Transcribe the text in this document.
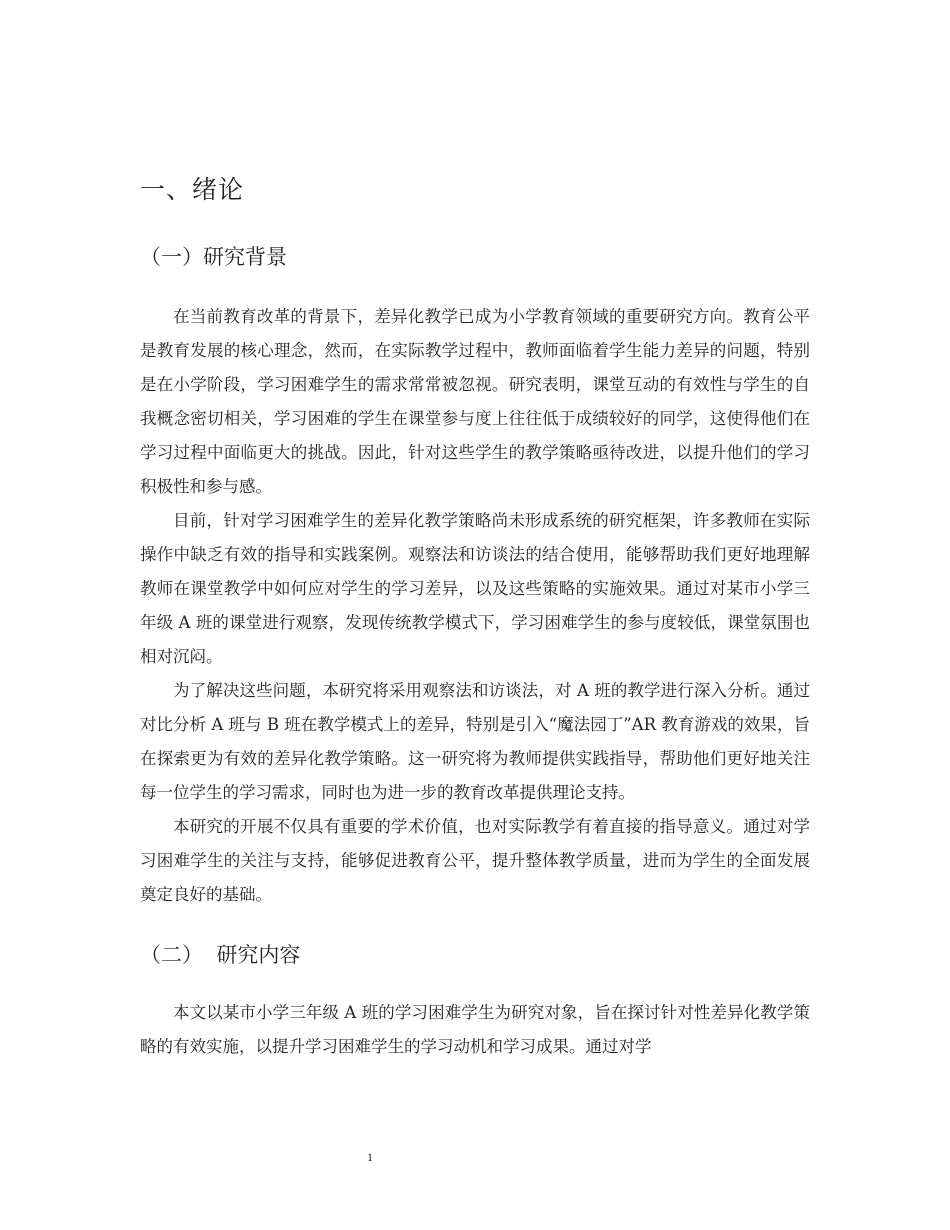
一、绪论
（一）研究背景

在当前教育改革的背景下，差异化教学已成为小学教育领域的重要研究方向。教育公平是教育发展的核心理念，然而，在实际教学过程中，教师面临着学生能力差异的问题，特别是在小学阶段，学习困难学生的需求常常被忽视。研究表明，课堂互动的有效性与学生的自我概念密切相关，学习困难的学生在课堂参与度上往往低于成绩较好的同学，这使得他们在学习过程中面临更大的挑战。因此，针对这些学生的教学策略亟待改进，以提升他们的学习积极性和参与感。

目前，针对学习困难学生的差异化教学策略尚未形成系统的研究框架，许多教师在实际操作中缺乏有效的指导和实践案例。观察法和访谈法的结合使用，能够帮助我们更好地理解教师在课堂教学中如何应对学生的学习差异，以及这些策略的实施效果。通过对某市小学三年级 A 班的课堂进行观察，发现传统教学模式下，学习困难学生的参与度较低，课堂氛围也相对沉闷。

为了解决这些问题，本研究将采用观察法和访谈法，对 A 班的教学进行深入分析。通过对比分析 A 班与 B 班在教学模式上的差异，特别是引入“魔法园丁”AR 教育游戏的效果，旨在探索更为有效的差异化教学策略。这一研究将为教师提供实践指导，帮助他们更好地关注每一位学生的学习需求，同时也为进一步的教育改革提供理论支持。

本研究的开展不仅具有重要的学术价值，也对实际教学有着直接的指导意义。通过对学习困难学生的关注与支持，能够促进教育公平，提升整体教学质量，进而为学生的全面发展奠定良好的基础。

（二）  研究内容

本文以某市小学三年级 A 班的学习困难学生为研究对象，旨在探讨针对性差异化教学策略的有效实施，以提升学习困难学生的学习动机和学习成果。通过对学

1
